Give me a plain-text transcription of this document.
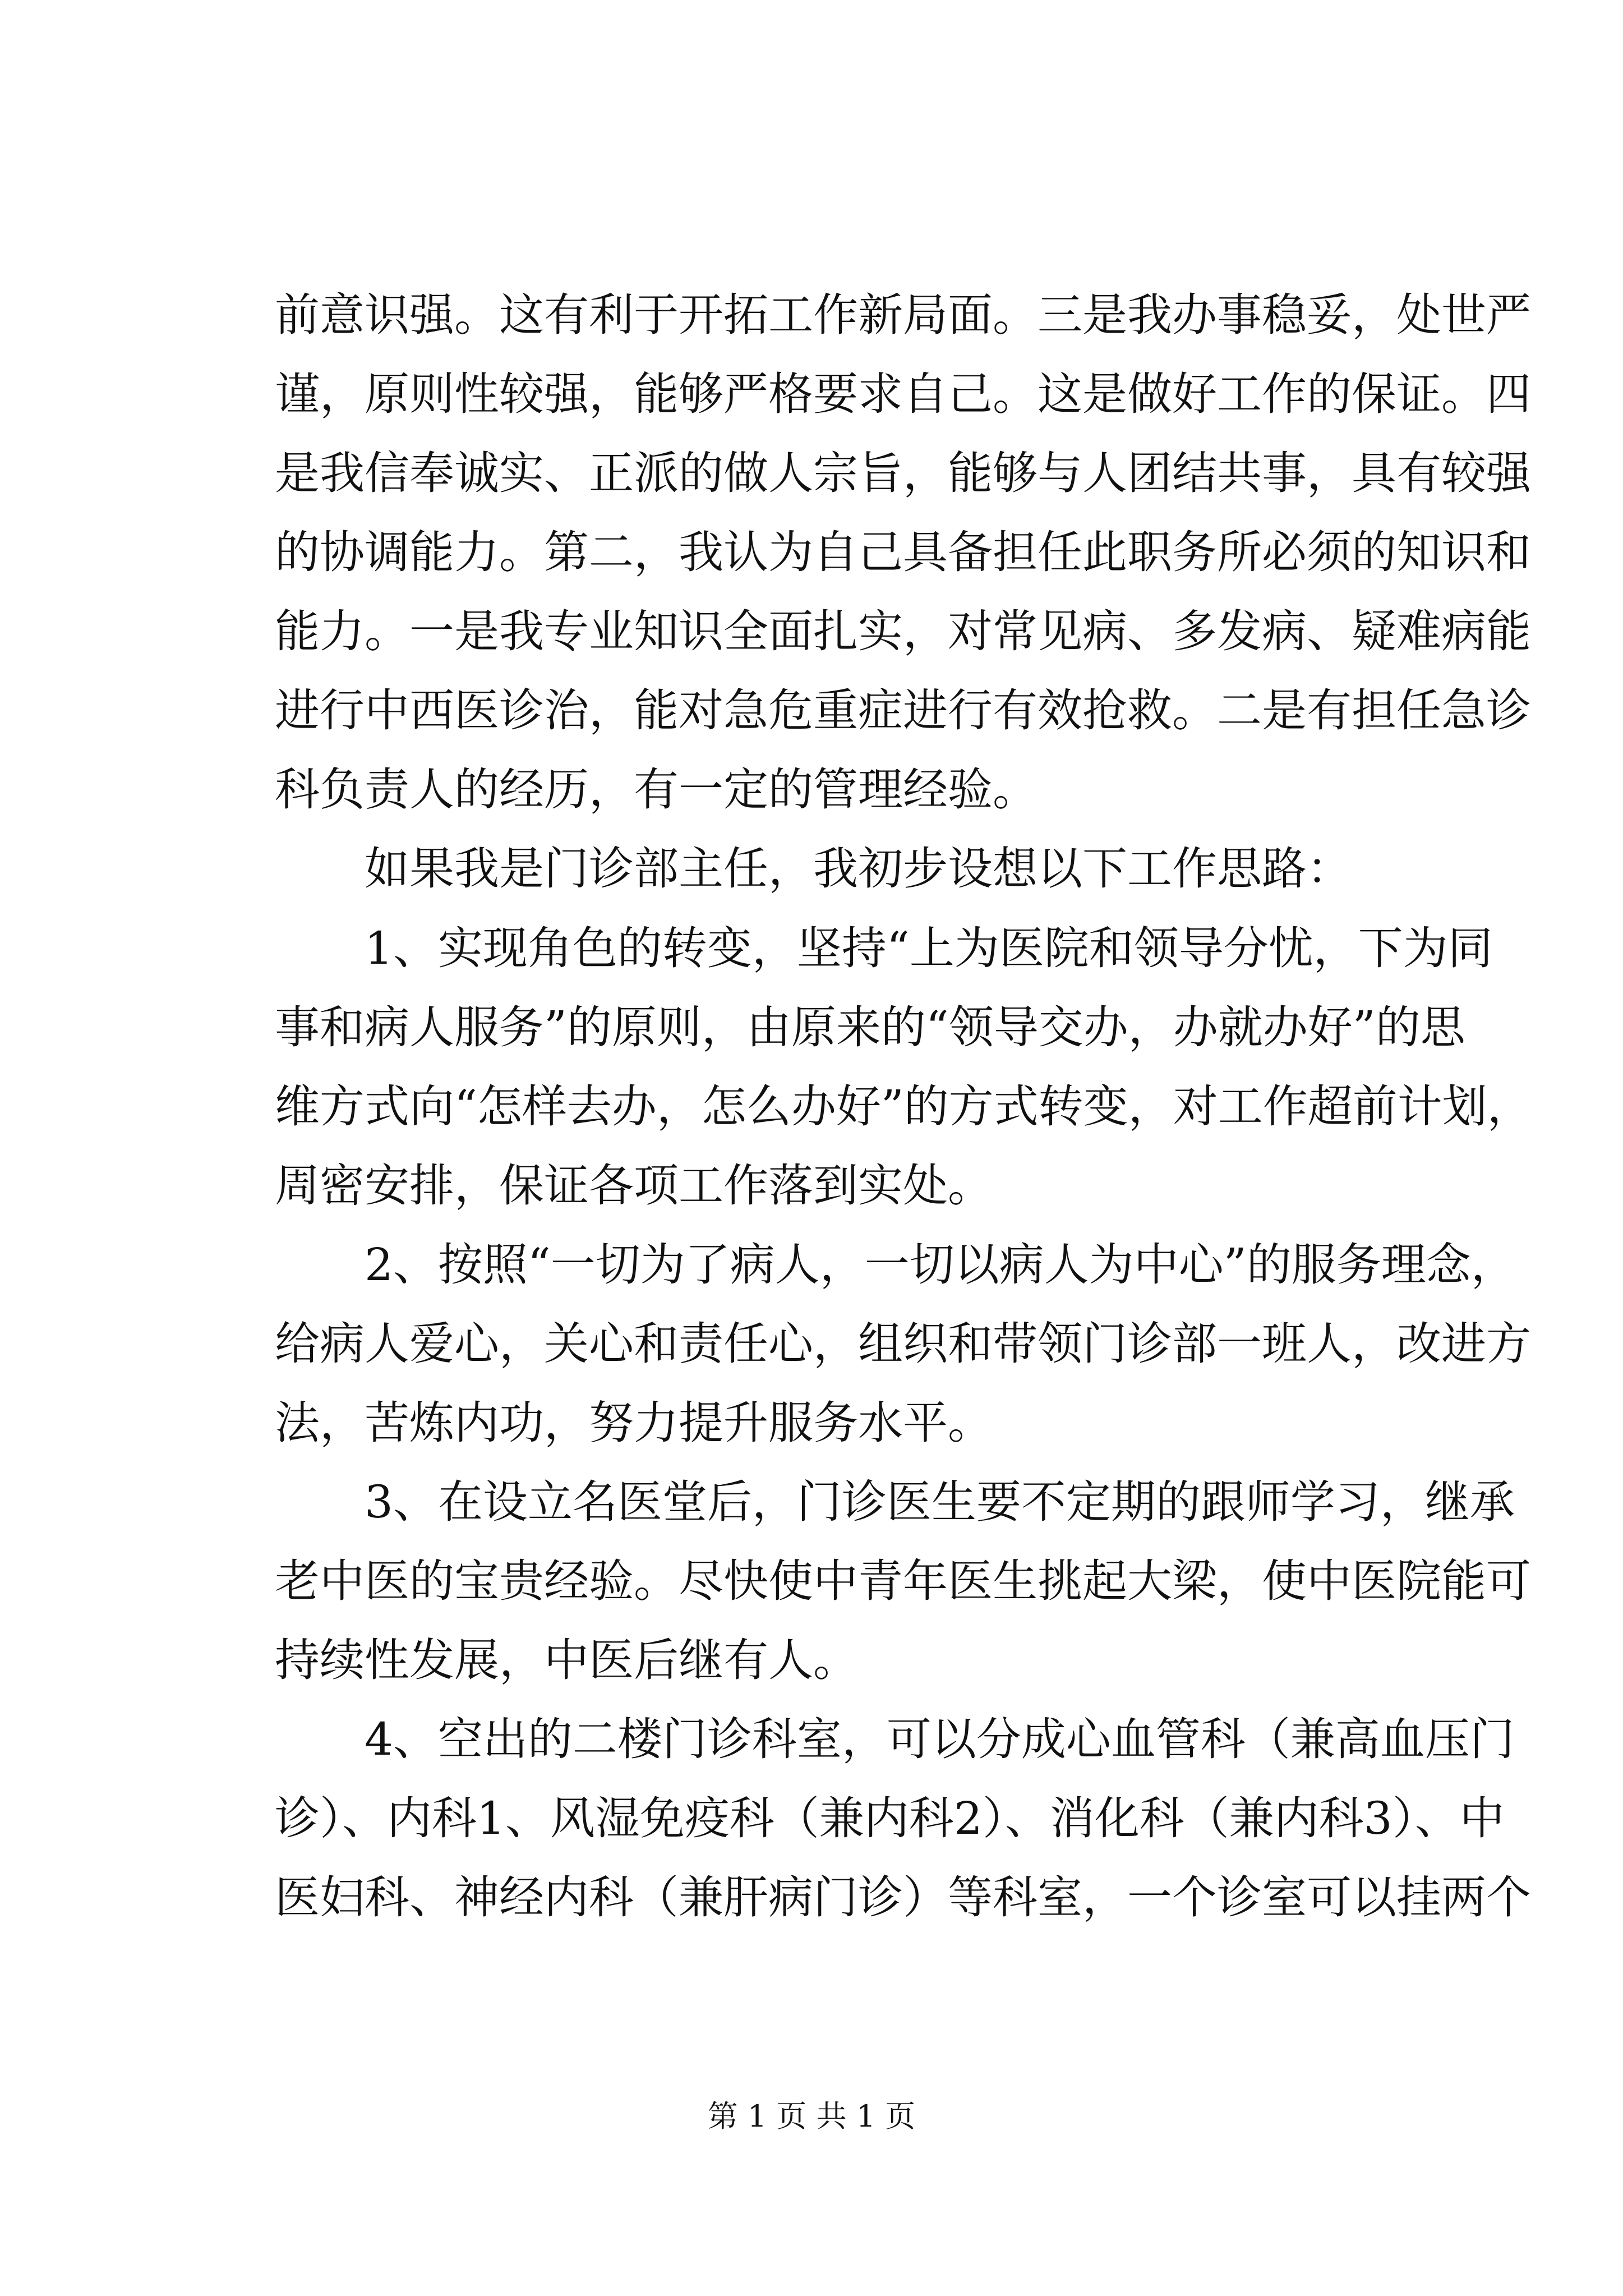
前意识强。这有利于开拓工作新局面。三是我办事稳妥，处世严
谨，原则性较强，能够严格要求自己。这是做好工作的保证。四
是我信奉诚实、正派的做人宗旨，能够与人团结共事，具有较强
的协调能力。第二，我认为自己具备担任此职务所必须的知识和
能力。一是我专业知识全面扎实，对常见病、多发病、疑难病能
进行中西医诊治，能对急危重症进行有效抢救。二是有担任急诊
科负责人的经历，有一定的管理经验。
　　如果我是门诊部主任，我初步设想以下工作思路：
　　1、实现角色的转变，坚持“上为医院和领导分忧，下为同
事和病人服务”的原则，由原来的“领导交办，办就办好”的思
维方式向“怎样去办，怎么办好”的方式转变，对工作超前计划，
周密安排，保证各项工作落到实处。
　　2、按照“一切为了病人，一切以病人为中心”的服务理念，
给病人爱心，关心和责任心，组织和带领门诊部一班人，改进方
法，苦炼内功，努力提升服务水平。
　　3、在设立名医堂后，门诊医生要不定期的跟师学习，继承
老中医的宝贵经验。尽快使中青年医生挑起大梁，使中医院能可
持续性发展，中医后继有人。
　　4、空出的二楼门诊科室，可以分成心血管科（兼高血压门
诊）、内科1、风湿免疫科（兼内科2）、消化科（兼内科3）、中
医妇科、神经内科（兼肝病门诊）等科室，一个诊室可以挂两个
第 1 页 共 1 页
